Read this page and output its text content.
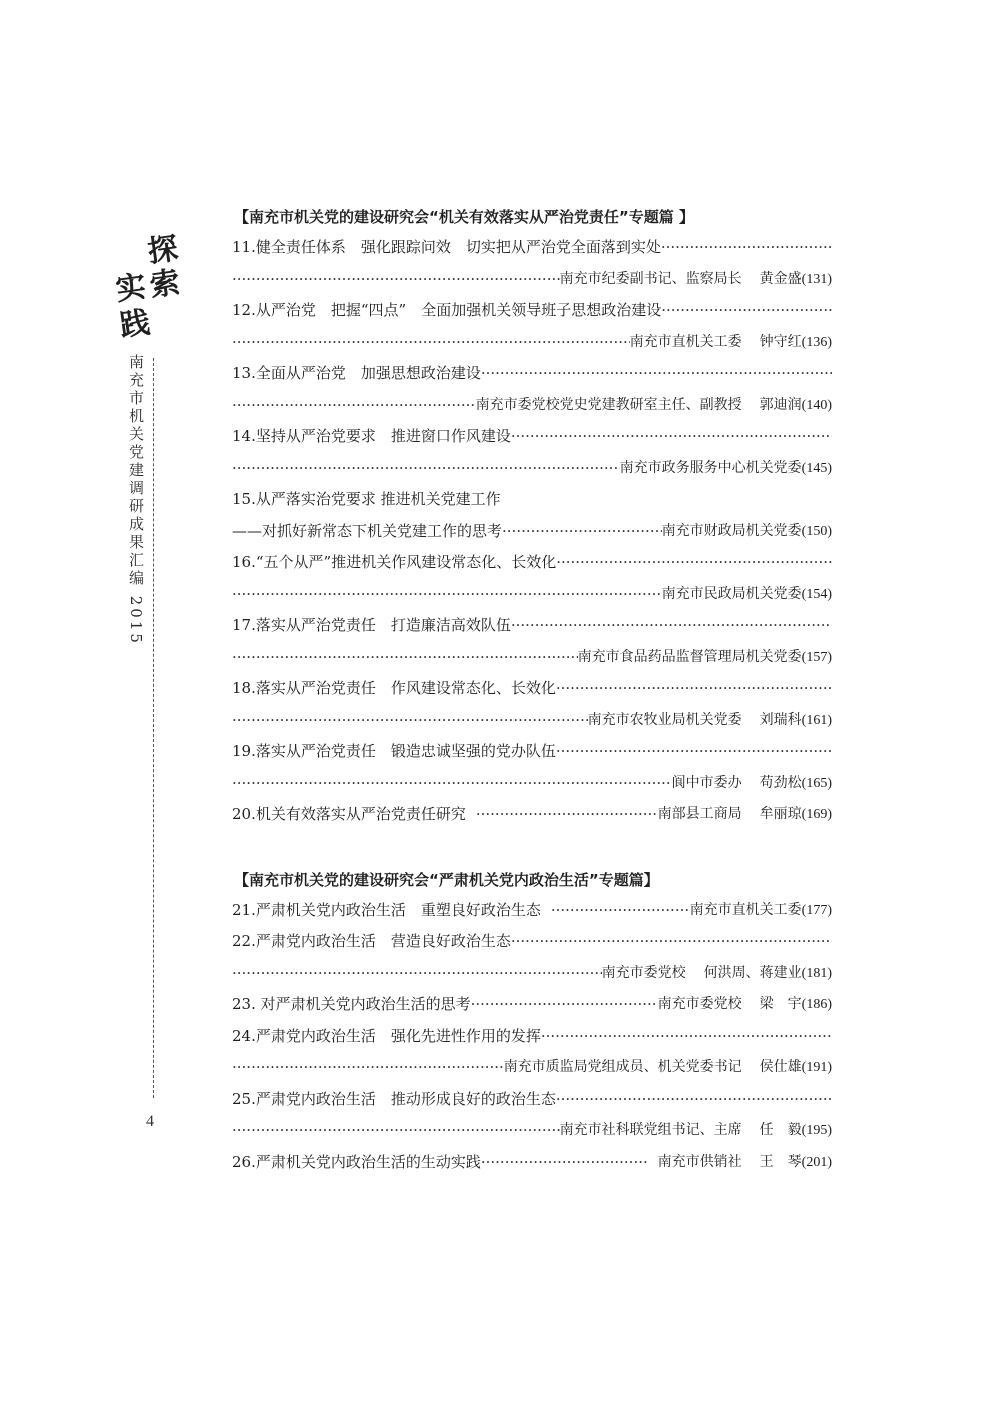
探
索
实
践
南充市机关党建调研成果汇编 2015
4
【南充市机关党的建设研究会“机关有效落实从严治党责任”专题篇 】
11.健全责任体系　强化跟踪问效　切实把从严治党全面落到实处
·····
·····
南充市纪委副书记、监察局长 黄金盛 (131)
12.从严治党　把握“四点”　全面加强机关领导班子思想政治建设
·····
·····
南充市直机关工委 钟守红 (136)
13.全面从严治党　加强思想政治建设
·····
·····
南充市委党校党史党建教研室主任、副教授 郭迪润 (140)
14.坚持从严治党要求　推进窗口作风建设
·····
·····
南充市政务服务中心机关党委 (145)
15.从严落实治党要求 推进机关党建工作
——对抓好新常态下机关党建工作的思考 ·····	南充市财政局机关党委 (150)
16.“五个从严”推进机关作风建设常态化、长效化
·····
·····
南充市民政局机关党委 (154)
17.落实从严治党责任　打造廉洁高效队伍
·····
·····
南充市食品药品监督管理局机关党委 (157)
18.落实从严治党责任　作风建设常态化、长效化
·····
·····
南充市农牧业局机关党委 刘瑞科 (161)
19.落实从严治党责任　锻造忠诚坚强的党办队伍
·····
·····
阆中市委办 苟劲松 (165)
20.机关有效落实从严治党责任研究 ·····	南部县工商局 牟丽琼 (169)
【南充市机关党的建设研究会“严肃机关党内政治生活”专题篇】
21.严肃机关党内政治生活　重塑良好政治生态 ·····	南充市直机关工委 (177)
22.严肃党内政治生活　营造良好政治生态
·····
·····
南充市委党校 何洪周、蒋建业 (181)
23. 对严肃机关党内政治生活的思考 ·····	南充市委党校 梁　宇 (186)
24.严肃党内政治生活　强化先进性作用的发挥
·····
·····
南充市质监局党组成员、机关党委书记 侯仕雄 (191)
25.严肃党内政治生活　推动形成良好的政治生态
·····
·····
南充市社科联党组书记、主席 任　毅 (195)
26.严肃机关党内政治生活的生动实践 ·····	南充市供销社 王　琴 (201)
